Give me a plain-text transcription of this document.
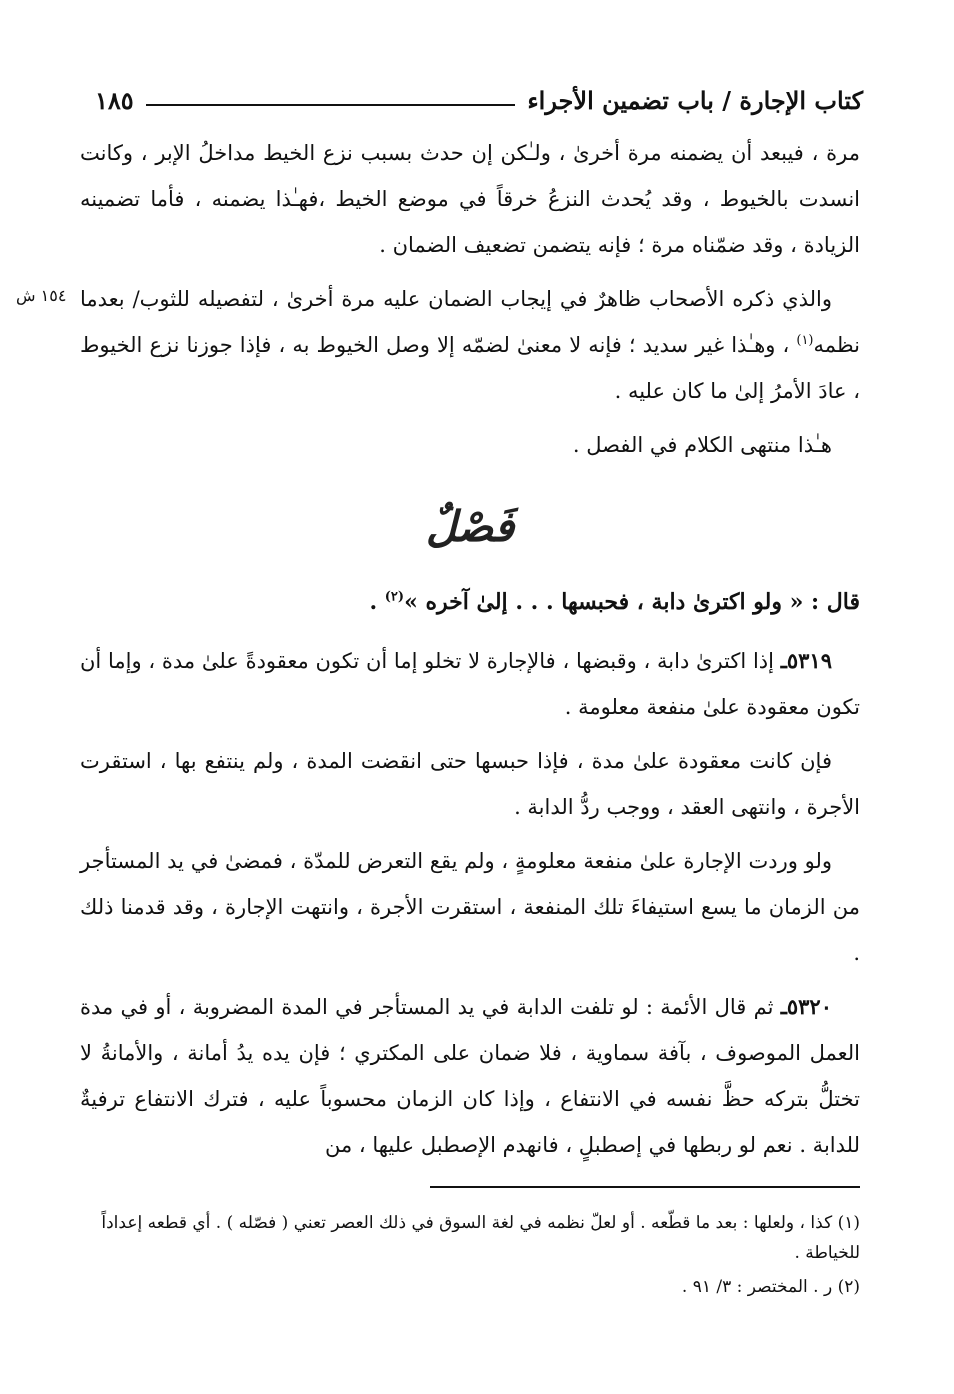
كتاب الإجارة / باب تضمين الأجراء
١٨٥
١٥٤ ش

مرة ، فيبعد أن يضمنه مرة أخرىٰ ، ولـٰكن إن حدث بسبب نزع الخيط مداخلُ الإبر ، وكانت انسدت بالخيوط ، وقد يُحدث النزعُ خرقاً في موضع الخيط ،فهـٰذا يضمنه ، فأما تضمينه الزيادة ، وقد ضمّناه مرة ؛ فإنه يتضمن تضعيف الضمان .

والذي ذكره الأصحاب ظاهرٌ في إيجاب الضمان عليه مرة أخرىٰ ، لتفصيله للثوب/ بعدما نظمه$^{(١)}$ ، وهـٰذا غير سديد ؛ فإنه لا معنىٰ لضمّه إلا وصل الخيوط به ، فإذا جوزنا نزع الخيوط ، عادَ الأمرُ إلىٰ ما كان عليه .

هـٰذا منتهى الكلام في الفصل .

فَصْلٌ

قال : « ولو اكترىٰ دابة ، فحبسها . . . إلىٰ آخره »$^{(٢)}$ .

٥٣١٩ـ إذا اكترىٰ دابة ، وقبضها ، فالإجارة لا تخلو إما أن تكون معقودةً علىٰ مدة ، وإما أن تكون معقودة علىٰ منفعة معلومة .

فإن كانت معقودة علىٰ مدة ، فإذا حبسها حتى انقضت المدة ، ولم ينتفع بها ، استقرت الأجرة ، وانتهى العقد ، ووجب ردُّ الدابة .

ولو وردت الإجارة علىٰ منفعة معلومةٍ ، ولم يقع التعرض للمدّة ، فمضىٰ في يد المستأجر من الزمان ما يسع استيفاءَ تلك المنفعة ، استقرت الأجرة ، وانتهت الإجارة ، وقد قدمنا ذلك .

٥٣٢٠ـ ثم قال الأئمة : لو تلفت الدابة في يد المستأجر في المدة المضروبة ، أو في مدة العمل الموصوف ، بآفة سماوية ، فلا ضمان على المكتري ؛ فإن يده يدُ أمانة ، والأمانةُ لا تختلُّ بتركه حظَّ نفسه في الانتفاع ، وإذا كان الزمان محسوباً عليه ، فترك الانتفاع ترفيةٌ للدابة . نعم لو ربطها في إصطبلٍ ، فانهدم الإصطبل عليها ، من

(١) كذا ، ولعلها : بعد ما قطّعه . أو لعلّ نظمه في لغة السوق في ذلك العصر تعني ( فصّله ) . أي قطعه إعداداً للخياطة .

(٢) ر . المختصر : ٣/ ٩١ .
